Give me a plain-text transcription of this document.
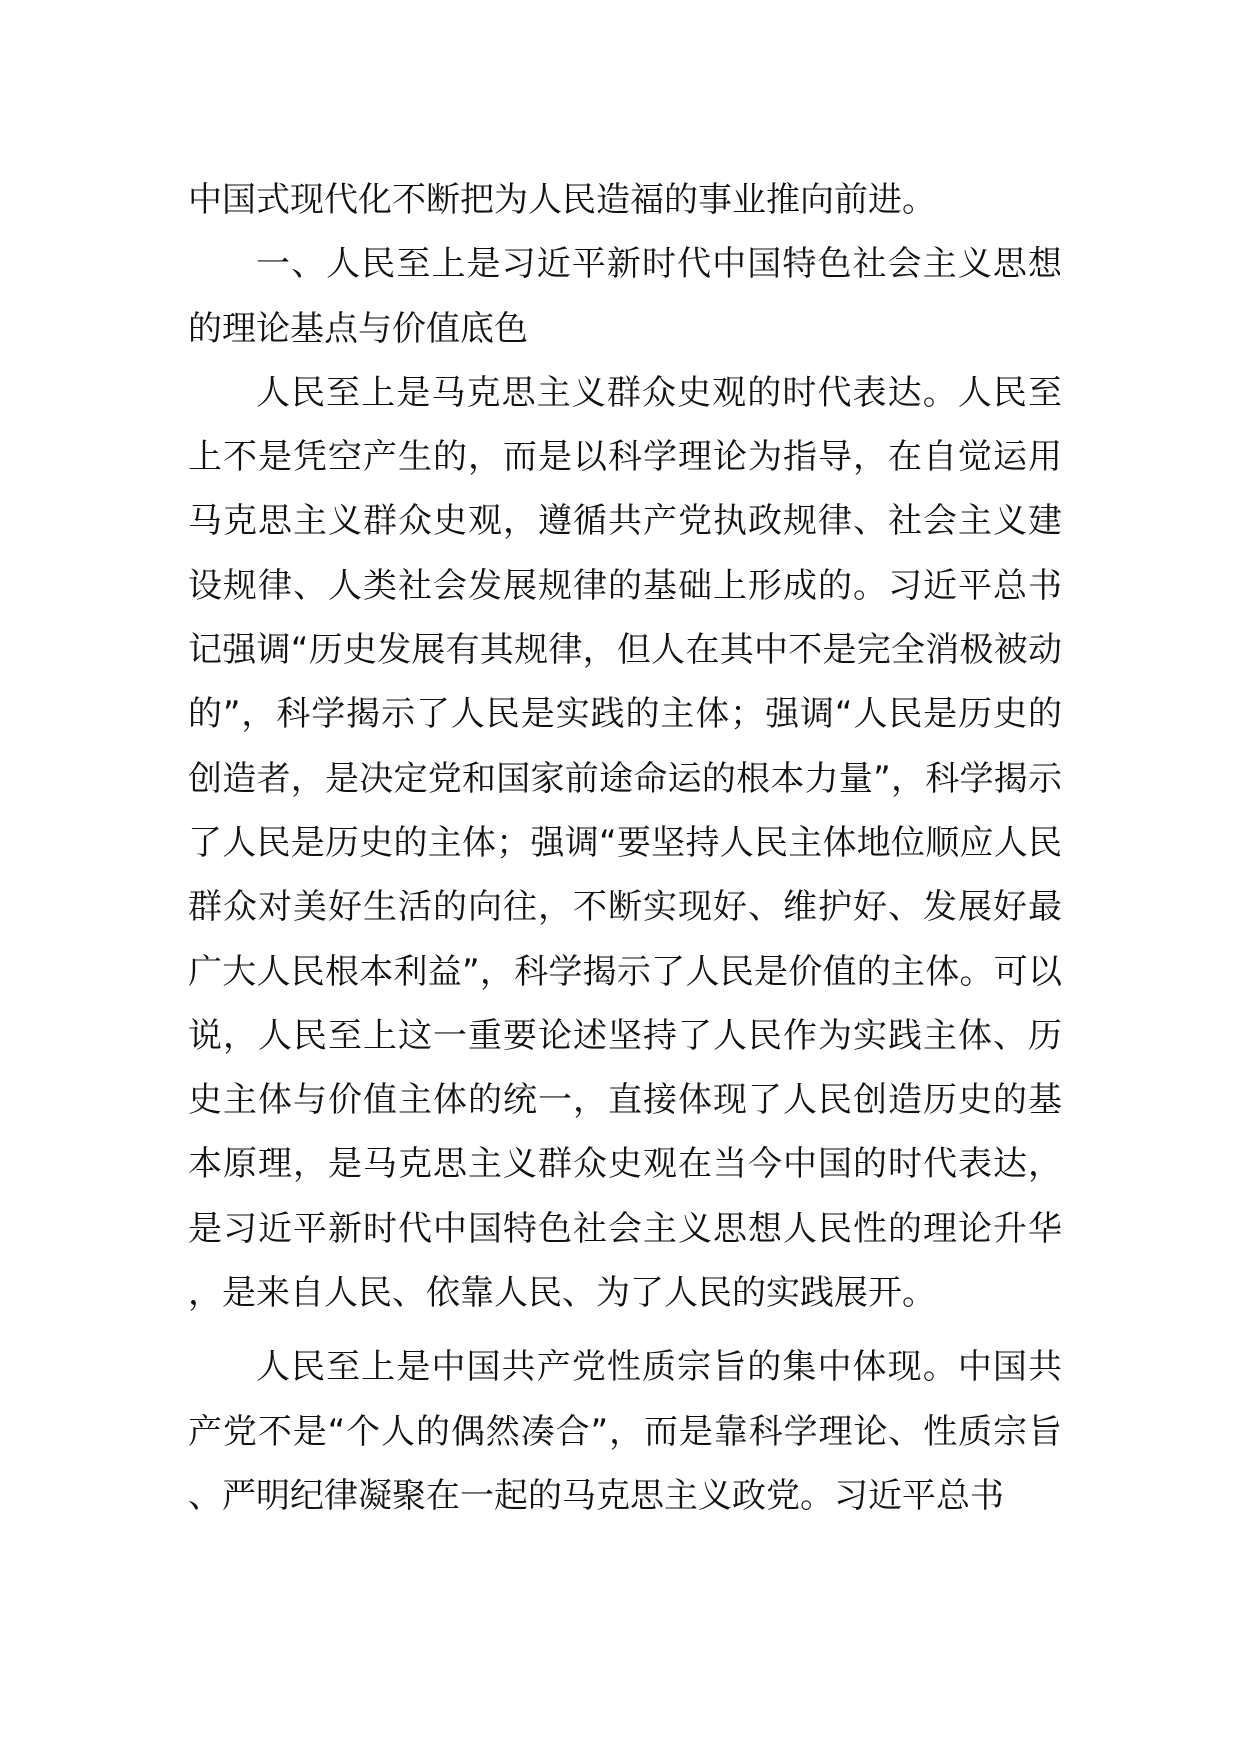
中国式现代化不断把为人民造福的事业推向前进。

一、人民至上是习近平新时代中国特色社会主义思想的理论基点与价值底色

人民至上是马克思主义群众史观的时代表达。人民至上不是凭空产生的，而是以科学理论为指导，在自觉运用马克思主义群众史观，遵循共产党执政规律、社会主义建设规律、人类社会发展规律的基础上形成的。习近平总书记强调“历史发展有其规律，但人在其中不是完全消极被动的”，科学揭示了人民是实践的主体；强调“人民是历史的创造者，是决定党和国家前途命运的根本力量”，科学揭示了人民是历史的主体；强调“要坚持人民主体地位顺应人民群众对美好生活的向往，不断实现好、维护好、发展好最广大人民根本利益”，科学揭示了人民是价值的主体。可以说，人民至上这一重要论述坚持了人民作为实践主体、历史主体与价值主体的统一，直接体现了人民创造历史的基本原理，是马克思主义群众史观在当今中国的时代表达，是习近平新时代中国特色社会主义思想人民性的理论升华，是来自人民、依靠人民、为了人民的实践展开。

人民至上是中国共产党性质宗旨的集中体现。中国共产党不是“个人的偶然凑合”，而是靠科学理论、性质宗旨、严明纪律凝聚在一起的马克思主义政党。习近平总书
